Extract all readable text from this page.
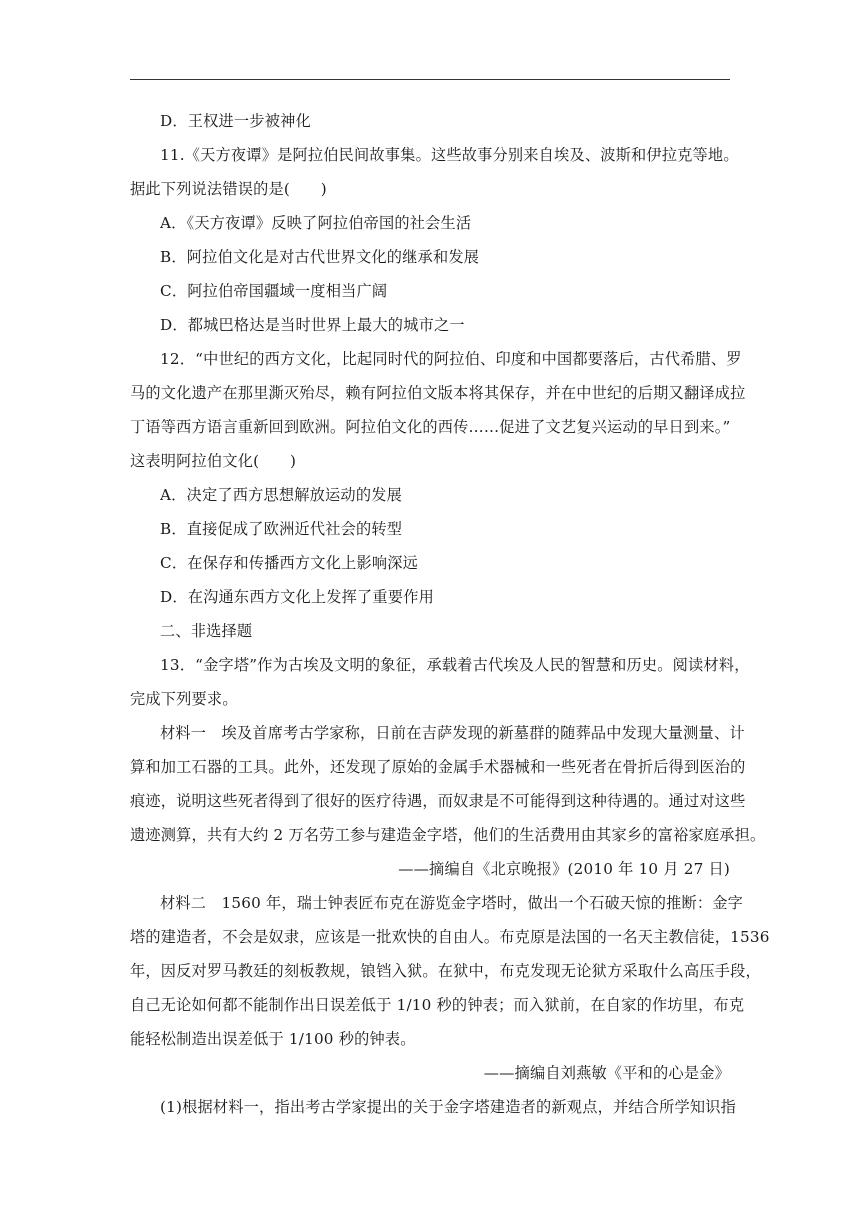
D．王权进一步被神化
11.《天方夜谭》是阿拉伯民间故事集。这些故事分别来自埃及、波斯和伊拉克等地。
据此下列说法错误的是(　　)
A．《天方夜谭》反映了阿拉伯帝国的社会生活
B．阿拉伯文化是对古代世界文化的继承和发展
C．阿拉伯帝国疆域一度相当广阔
D．都城巴格达是当时世界上最大的城市之一
12．“中世纪的西方文化，比起同时代的阿拉伯、印度和中国都要落后，古代希腊、罗
马的文化遗产在那里澌灭殆尽，赖有阿拉伯文版本将其保存，并在中世纪的后期又翻译成拉
丁语等西方语言重新回到欧洲。阿拉伯文化的西传……促进了文艺复兴运动的早日到来。”
这表明阿拉伯文化(　　)
A．决定了西方思想解放运动的发展
B．直接促成了欧洲近代社会的转型
C．在保存和传播西方文化上影响深远
D．在沟通东西方文化上发挥了重要作用
二、非选择题
13．“金字塔”作为古埃及文明的象征，承载着古代埃及人民的智慧和历史。阅读材料，
完成下列要求。
材料一　埃及首席考古学家称，日前在吉萨发现的新墓群的随葬品中发现大量测量、计
算和加工石器的工具。此外，还发现了原始的金属手术器械和一些死者在骨折后得到医治的
痕迹，说明这些死者得到了很好的医疗待遇，而奴隶是不可能得到这种待遇的。通过对这些
遗迹测算，共有大约 2 万名劳工参与建造金字塔，他们的生活费用由其家乡的富裕家庭承担。
——摘编自《北京晚报》(2010 年 10 月 27 日)
材料二　1560 年，瑞士钟表匠布克在游览金字塔时，做出一个石破天惊的推断：金字
塔的建造者，不会是奴隶，应该是一批欢快的自由人。布克原是法国的一名天主教信徒，1536
年，因反对罗马教廷的刻板教规，锒铛入狱。在狱中，布克发现无论狱方采取什么高压手段，
自己无论如何都不能制作出日误差低于 1/10 秒的钟表；而入狱前，在自家的作坊里，布克
能轻松制造出误差低于 1/100 秒的钟表。
——摘编自刘燕敏《平和的心是金》
(1)根据材料一，指出考古学家提出的关于金字塔建造者的新观点，并结合所学知识指
